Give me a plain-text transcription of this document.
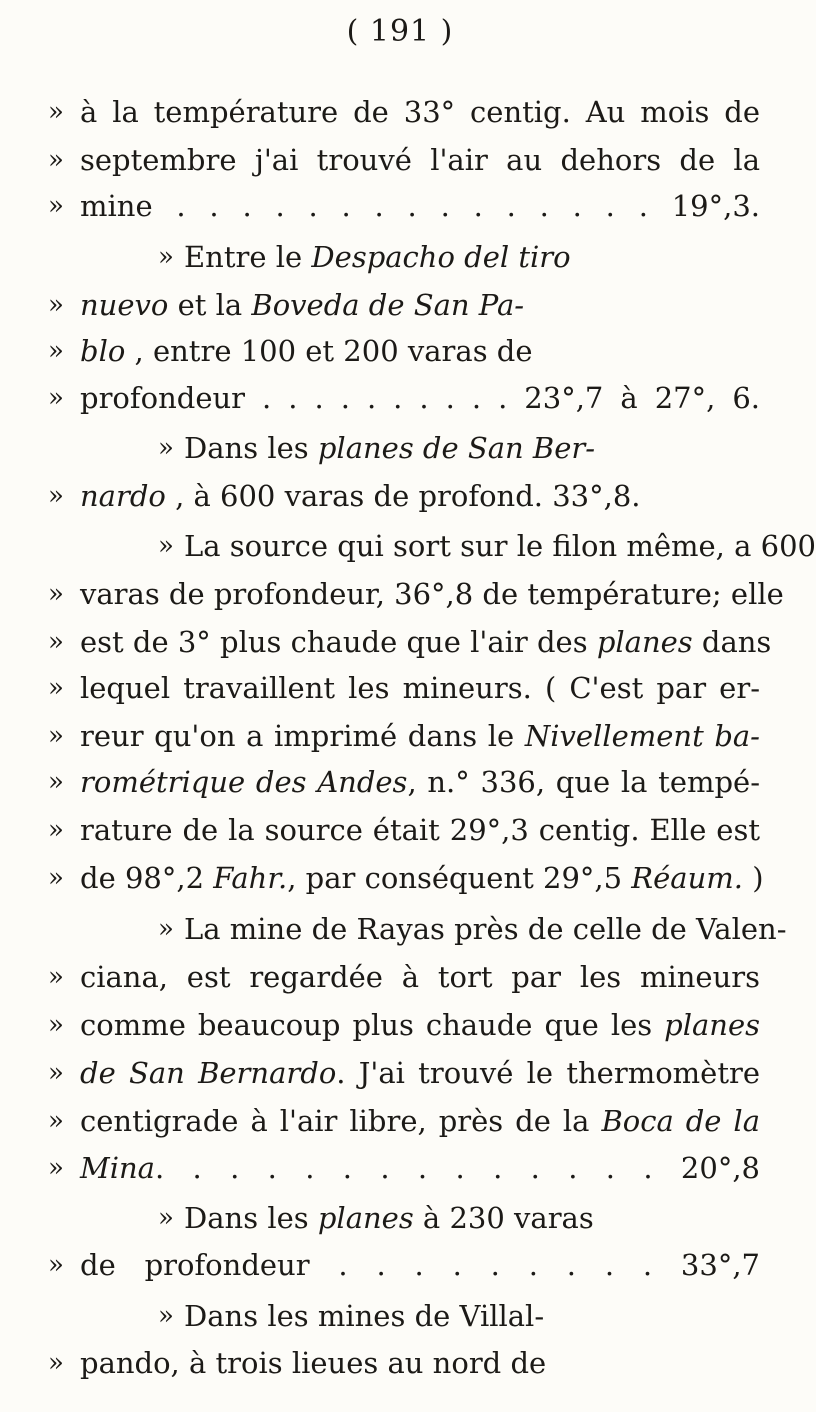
( 191 )
» à la température de 33° centig. Au mois de
» septembre j'ai trouvé l'air au dehors de la
» mine . . . . . . . . . . . . . . . 19°,3.
» Entre le Despacho del tiro
» nuevo et la Boveda de San Pa-
» blo , entre 100 et 200 varas de
» profondeur . . . . . . . . . . 23°,7 à 27°, 6.
» Dans les planes de San Ber-
» nardo , à 600 varas de profond. 33°,8.
» La source qui sort sur le filon même, a 600
» varas de profondeur, 36°,8 de température; elle
» est de 3° plus chaude que l'air des planes dans
» lequel travaillent les mineurs. ( C'est par er-
» reur qu'on a imprimé dans le Nivellement ba-
» rométrique des Andes, n.° 336, que la tempé-
» rature de la source était 29°,3 centig. Elle est
» de 98°,2 Fahr., par conséquent 29°,5 Réaum. )
» La mine de Rayas près de celle de Valen-
» ciana, est regardée à tort par les mineurs
» comme beaucoup plus chaude que les planes
» de San Bernardo. J'ai trouvé le thermomètre
» centigrade à l'air libre, près de la Boca de la
» Mina. . . . . . . . . . . . . . 20°,8
» Dans les planes à 230 varas
» de profondeur . . . . . . . . . 33°,7
» Dans les mines de Villal-
» pando, à trois lieues au nord de
